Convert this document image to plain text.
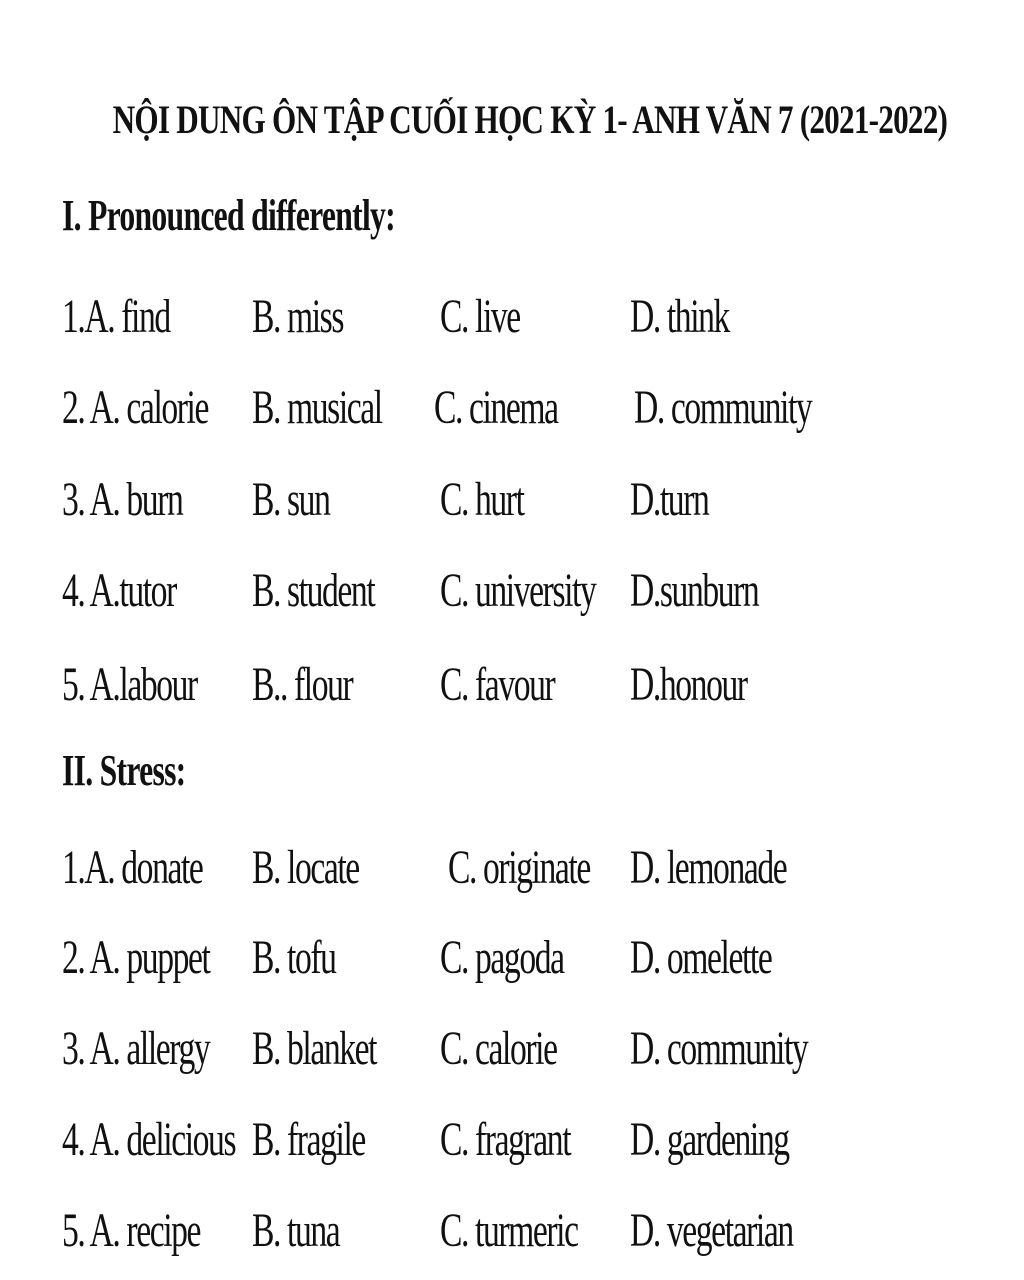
NỘI DUNG ÔN TẬP CUỐI HỌC KỲ 1- ANH VĂN 7 (2021-2022)
I. Pronounced differently:
1.A. find B. miss C. live D. think
2. A. calorie B. musical C. cinema D. community
3. A. burn B. sun C. hurt D.turn
4. A.tutor B. student C. university D.sunburn
5. A.labour B.. flour C. favour D.honour
II. Stress:
1.A. donate B. locate C. originate D. lemonade
2. A. puppet B. tofu C. pagoda D. omelette
3. A. allergy B. blanket C. calorie D. community
4. A. delicious B. fragile C. fragrant D. gardening
5. A. recipe B. tuna C. turmeric D. vegetarian
